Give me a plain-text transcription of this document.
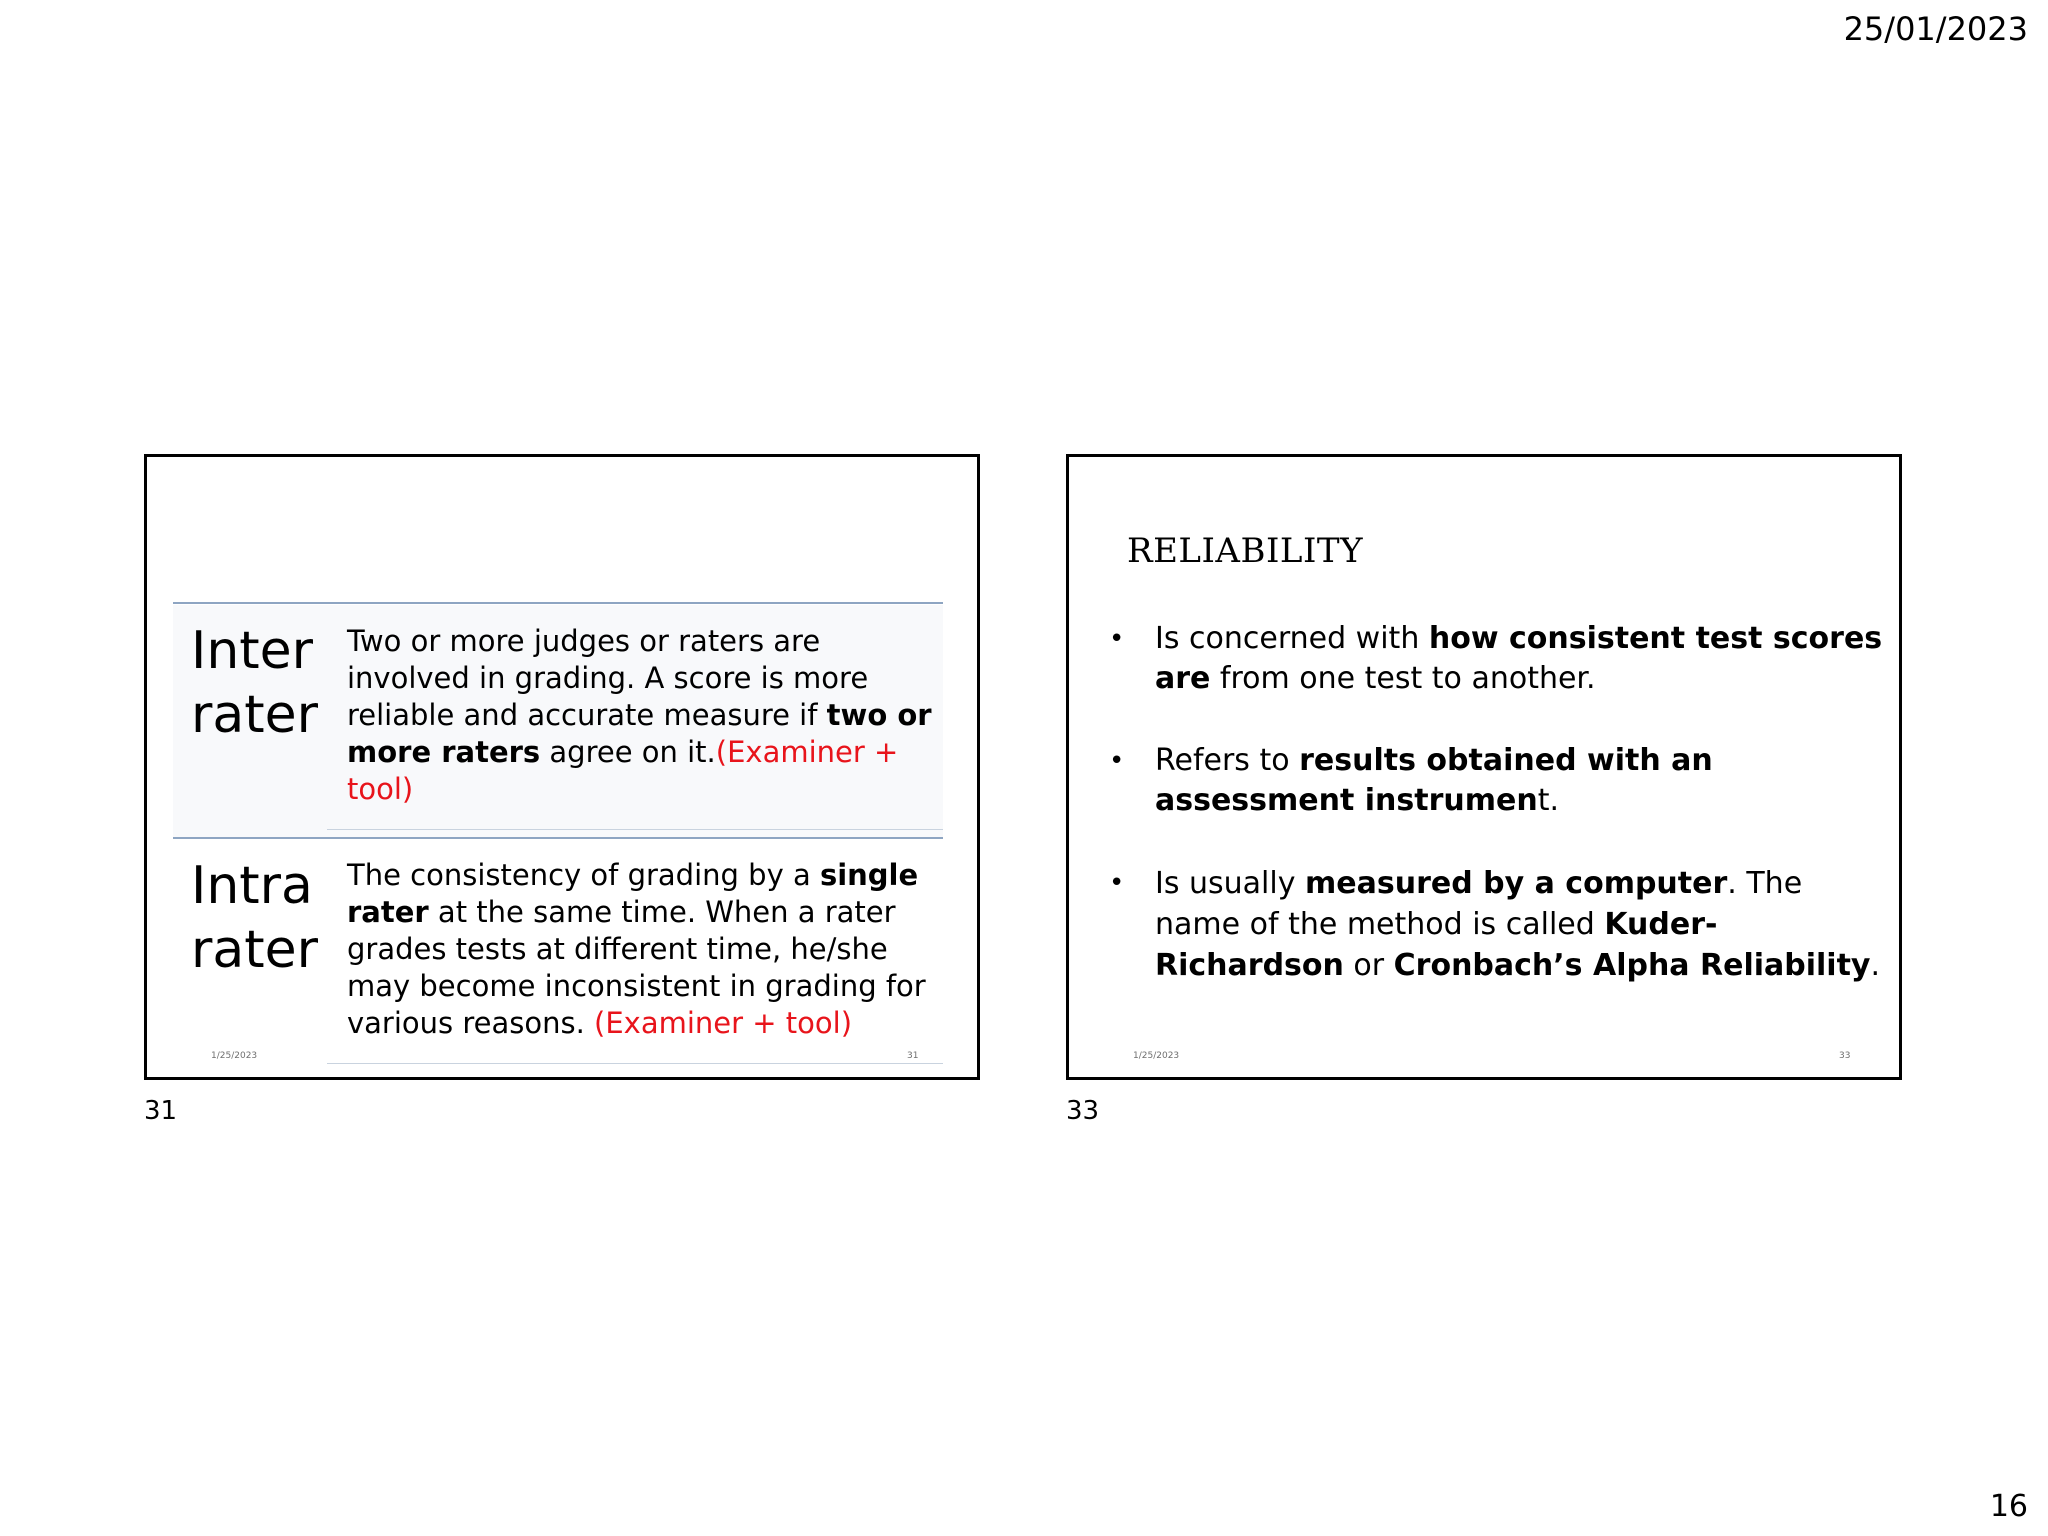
25/01/2023
Inter
rater
Two or more judges or raters are involved in grading. A score is more reliable and accurate measure if two or more raters agree on it.(Examiner + tool)
Intra
rater
The consistency of grading by a single rater at the same time. When a rater grades tests at different time, he/she may become inconsistent in grading for various reasons. (Examiner + tool)
1/25/2023	31
31
RELIABILITY
• Is concerned with how consistent test scores are from one test to another.
• Refers to results obtained with an assessment instrument.
• Is usually measured by a computer. The name of the method is called Kuder- Richardson or Cronbach’s Alpha Reliability.
1/25/2023	33
33
16
